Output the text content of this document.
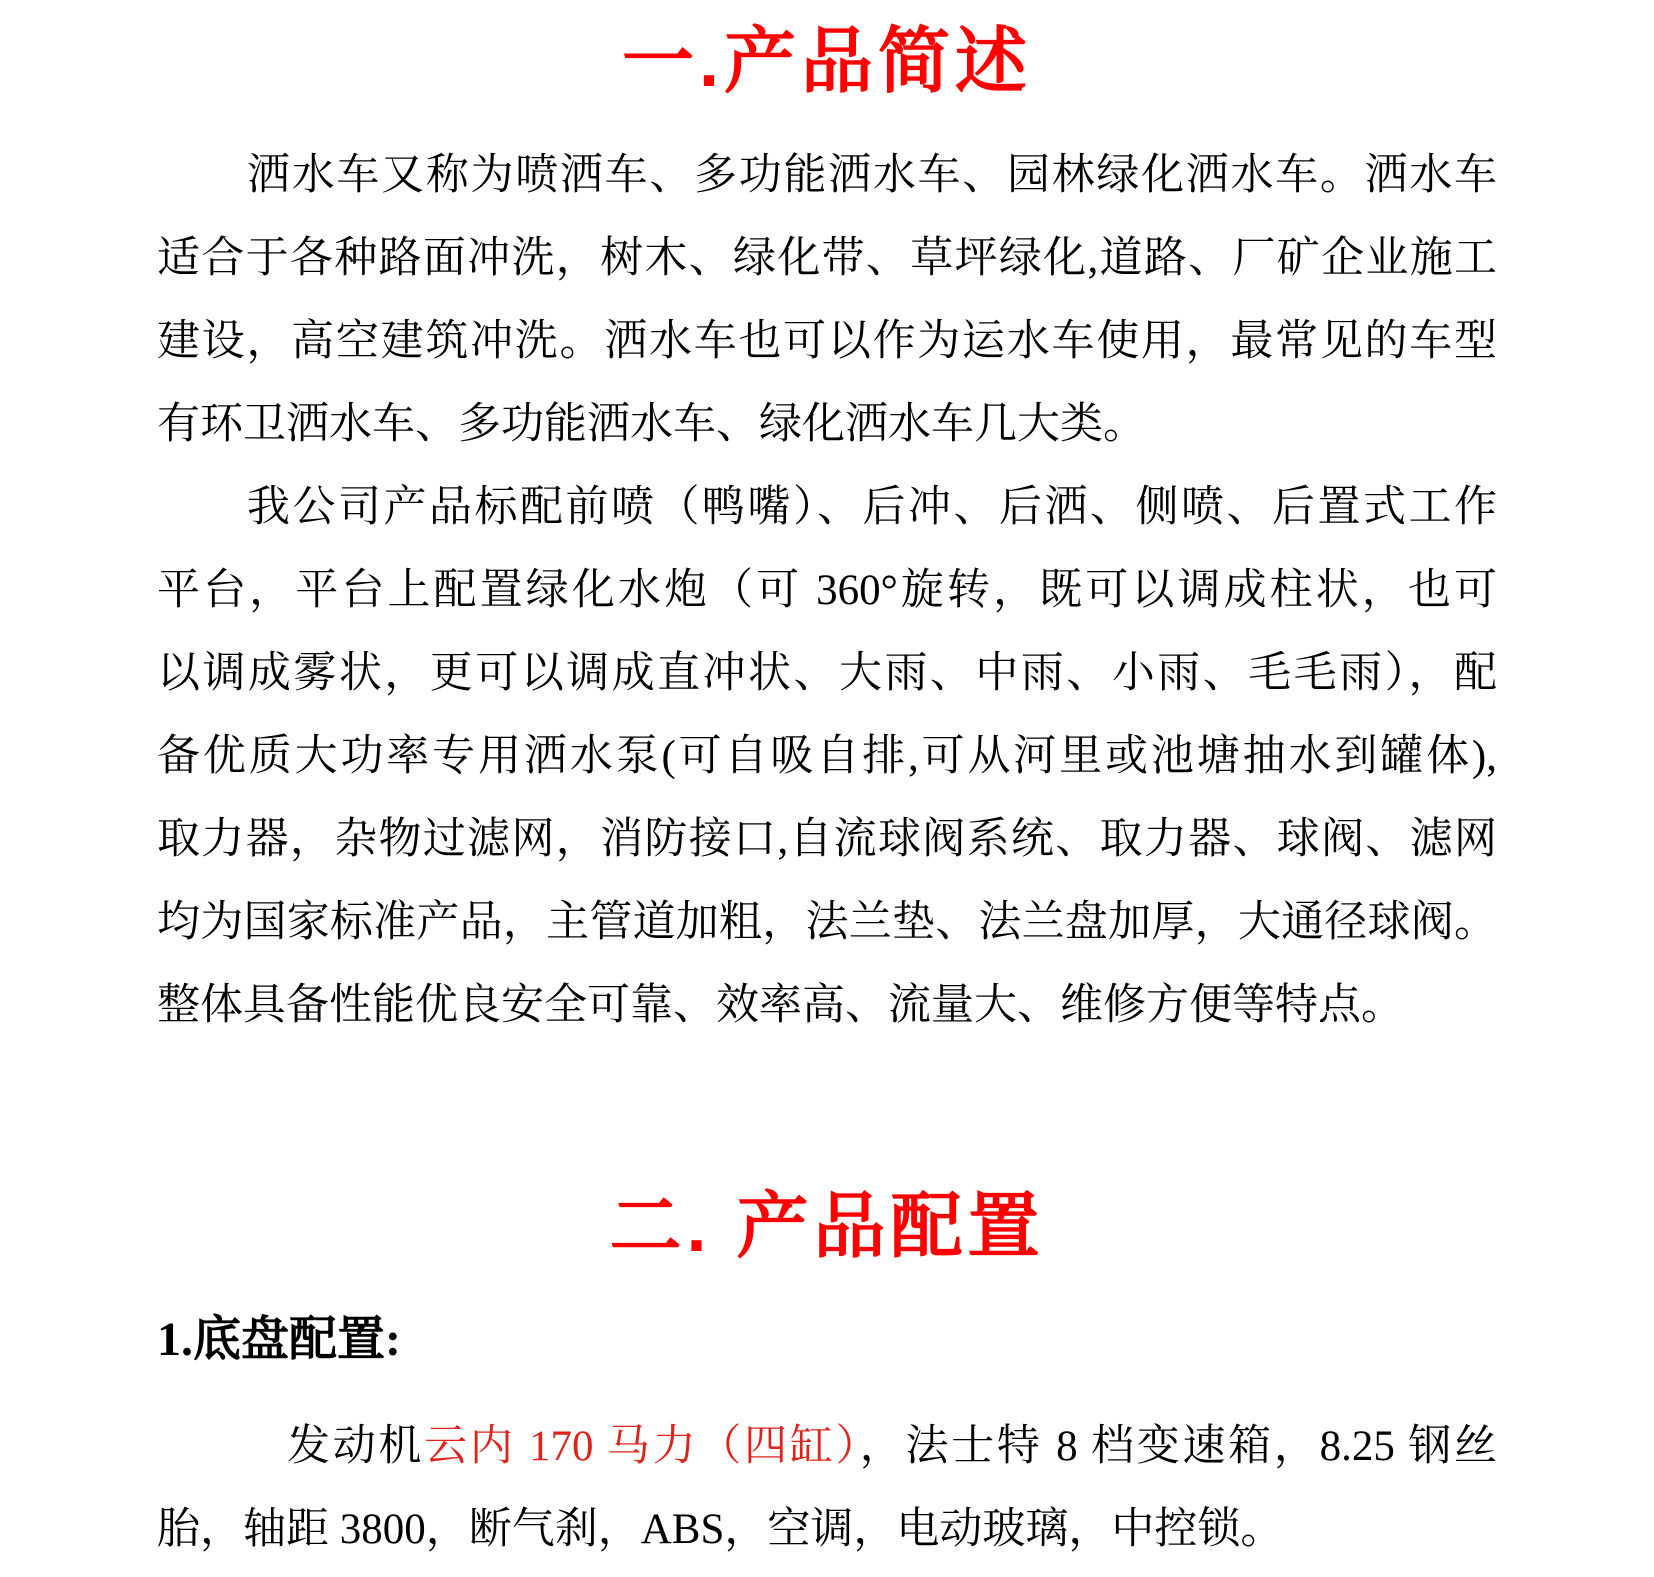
一.产品简述
洒水车又称为喷洒车、多功能洒水车、园林绿化洒水车。洒水车
适合于各种路面冲洗，树木、绿化带、草坪绿化,道路、厂矿企业施工
建设，高空建筑冲洗。洒水车也可以作为运水车使用，最常见的车型
有环卫洒水车、多功能洒水车、绿化洒水车几大类。
我公司产品标配前喷（鸭嘴）、后冲、后洒、侧喷、后置式工作
平台，平台上配置绿化水炮（可 360°旋转，既可以调成柱状，也可
以调成雾状，更可以调成直冲状、大雨、中雨、小雨、毛毛雨），配
备优质大功率专用洒水泵(可自吸自排,可从河里或池塘抽水到罐体),
取力器，杂物过滤网，消防接口,自流球阀系统、取力器、球阀、滤网
均为国家标准产品，主管道加粗，法兰垫、法兰盘加厚，大通径球阀。
整体具备性能优良安全可靠、效率高、流量大、维修方便等特点。
二. 产品配置
1.底盘配置:
发动机云内 170 马力（四缸），法士特 8 档变速箱，8.25 钢丝
胎，轴距 3800，断气刹，ABS，空调，电动玻璃，中控锁。
